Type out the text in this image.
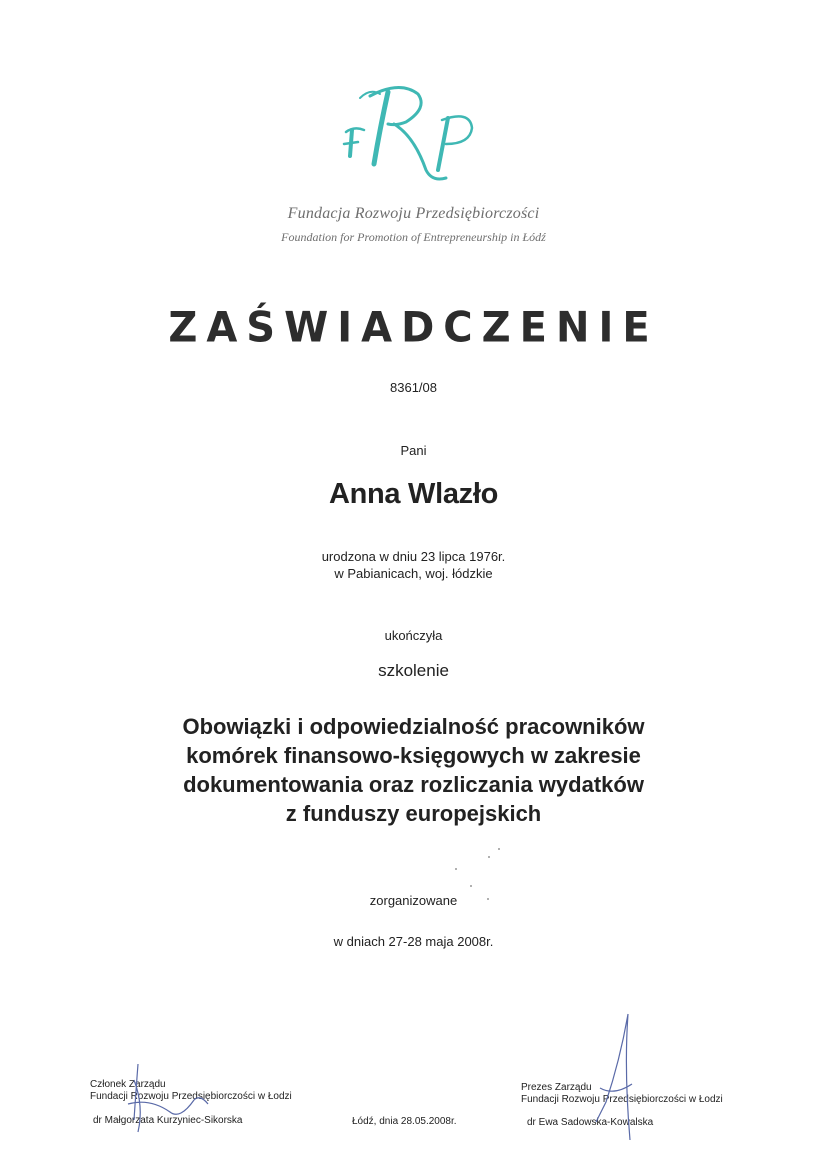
Fundacja Rozwoju Przedsiębiorczości
Foundation for Promotion of Entrepreneurship in Łódź
ZAŚWIADCZENIE
8361/08
Pani
Anna Wlazło
urodzona w dniu 23 lipca 1976r.
w Pabianicach, woj. łódzkie
ukończyła
szkolenie
Obowiązki i odpowiedzialność pracowników
komórek finansowo-księgowych w zakresie
dokumentowania oraz rozliczania wydatków
z funduszy europejskich
zorganizowane
w dniach 27-28 maja 2008r.
Członek Zarządu
Fundacji Rozwoju Przedsiębiorczości w Łodzi
dr Małgorzata Kurzyniec-Sikorska	Łódź, dnia 28.05.2008r.
Prezes Zarządu
Fundacji Rozwoju Przedsiębiorczości w Łodzi
dr Ewa Sadowska-Kowalska
